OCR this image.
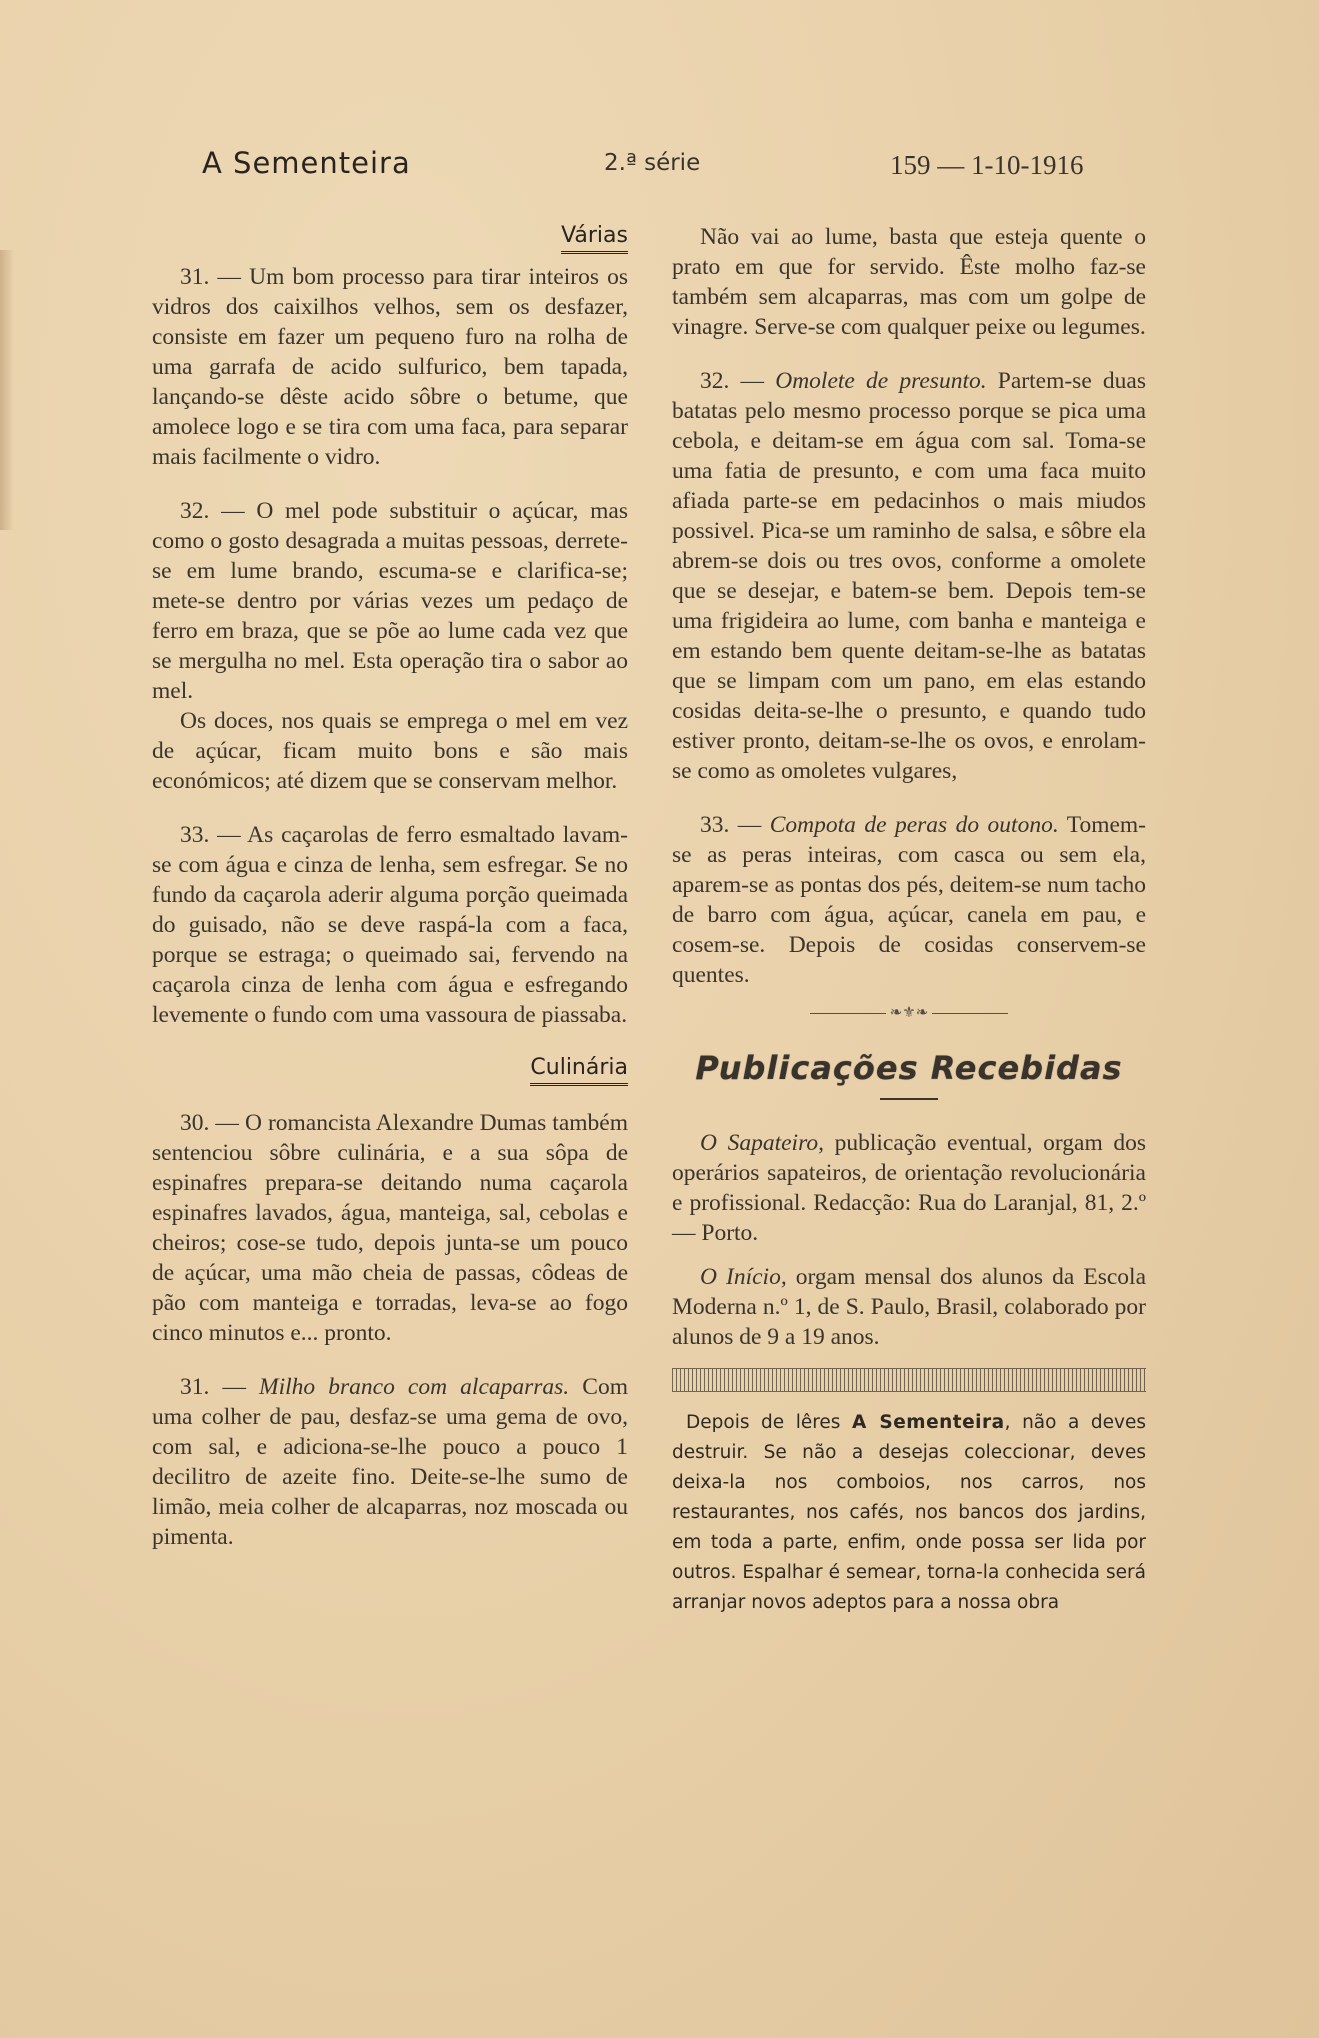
A Sementeira	2.ª série	159 — 1-10-1916
Várias

31. — Um bom processo para tirar inteiros os vidros dos caixilhos velhos, sem os desfazer, consiste em fazer um pequeno furo na rolha de uma garrafa de acido sulfurico, bem tapada, lançando-se dêste acido sôbre o betume, que amolece logo e se tira com uma faca, para separar mais facilmente o vidro.

32. — O mel pode substituir o açúcar, mas como o gosto desagrada a muitas pessoas, derrete-se em lume brando, escuma-se e clarifica-se; mete-se dentro por várias vezes um pedaço de ferro em braza, que se põe ao lume cada vez que se mergulha no mel. Esta operação tira o sabor ao mel.

Os doces, nos quais se emprega o mel em vez de açúcar, ficam muito bons e são mais económicos; até dizem que se conservam melhor.

33. — As caçarolas de ferro esmaltado lavam-se com água e cinza de lenha, sem esfregar. Se no fundo da caçarola aderir alguma porção queimada do guisado, não se deve raspá-la com a faca, porque se estraga; o queimado sai, fervendo na caçarola cinza de lenha com água e esfregando levemente o fundo com uma vassoura de piassaba.

Culinária

30. — O romancista Alexandre Dumas também sentenciou sôbre culinária, e a sua sôpa de espinafres prepara-se deitando numa caçarola espinafres lavados, água, manteiga, sal, cebolas e cheiros; cose-se tudo, depois junta-se um pouco de açúcar, uma mão cheia de passas, côdeas de pão com manteiga e torradas, leva-se ao fogo cinco minutos e... pronto.

31. — Milho branco com alcaparras. Com uma colher de pau, desfaz-se uma gema de ovo, com sal, e adiciona-se-lhe pouco a pouco 1 decilitro de azeite fino. Deite-se-lhe sumo de limão, meia colher de alcaparras, noz moscada ou pimenta.

Não vai ao lume, basta que esteja quente o prato em que for servido. Êste molho faz-se também sem alcaparras, mas com um golpe de vinagre. Serve-se com qualquer peixe ou legumes.

32. — Omolete de presunto. Partem-se duas batatas pelo mesmo processo porque se pica uma cebola, e deitam-se em água com sal. Toma-se uma fatia de presunto, e com uma faca muito afiada parte-se em pedacinhos o mais miudos possivel. Pica-se um raminho de salsa, e sôbre ela abrem-se dois ou tres ovos, conforme a omolete que se desejar, e batem-se bem. Depois tem-se uma frigideira ao lume, com banha e manteiga e em estando bem quente deitam-se-lhe as batatas que se limpam com um pano, em elas estando cosidas deita-se-lhe o presunto, e quando tudo estiver pronto, deitam-se-lhe os ovos, e enrolam-se como as omoletes vulgares,

33. — Compota de peras do outono. Tomem-se as peras inteiras, com casca ou sem ela, aparem-se as pontas dos pés, deitem-se num tacho de barro com água, açúcar, canela em pau, e cosem-se. Depois de cosidas conservem-se quentes.

❧⚜❧
Publicações Recebidas

O Sapateiro, publicação eventual, orgam dos operários sapateiros, de orientação revolucionária e profissional. Redacção: Rua do Laranjal, 81, 2.º — Porto.

O Início, orgam mensal dos alunos da Escola Moderna n.º 1, de S. Paulo, Brasil, colaborado por alunos de 9 a 19 anos.

Depois de lêres A Sementeira, não a deves destruir. Se não a desejas coleccionar, deves deixa-la nos comboios, nos carros, nos restaurantes, nos cafés, nos bancos dos jardins, em toda a parte, enfim, onde possa ser lida por outros. Espalhar é semear, torna-la conhecida será arranjar novos adeptos para a nossa obra
